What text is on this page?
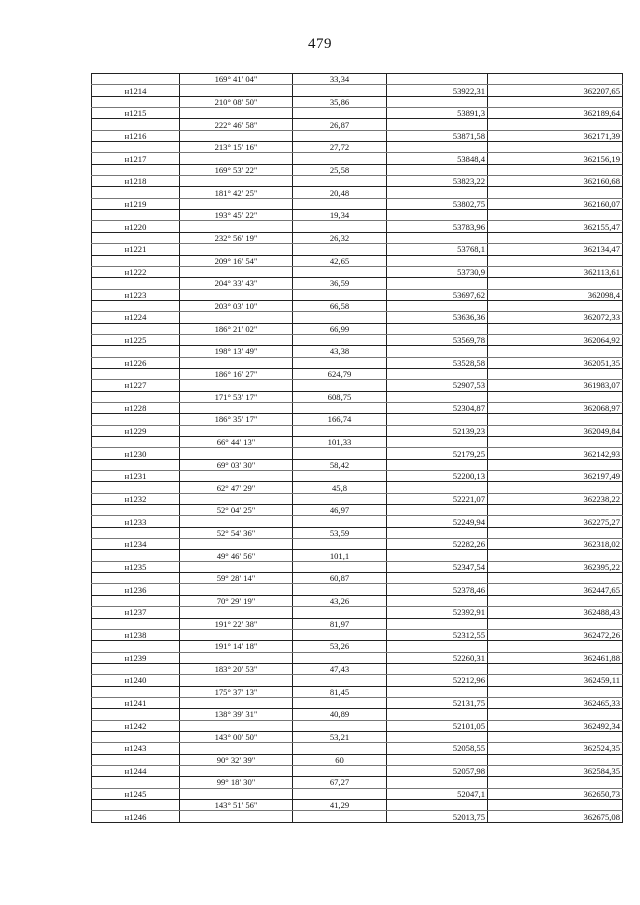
479
	169° 41' 04"	33,34		
н1214			53922,31	362207,65
	210° 08' 50"	35,86		
н1215			53891,3	362189,64
	222° 46' 58"	26,87		
н1216			53871,58	362171,39
	213° 15' 16"	27,72		
н1217			53848,4	362156,19
	169° 53' 22"	25,58		
н1218			53823,22	362160,68
	181° 42' 25"	20,48		
н1219			53802,75	362160,07
	193° 45' 22"	19,34		
н1220			53783,96	362155,47
	232° 56' 19"	26,32		
н1221			53768,1	362134,47
	209° 16' 54"	42,65		
н1222			53730,9	362113,61
	204° 33' 43"	36,59		
н1223			53697,62	362098,4
	203° 03' 10"	66,58		
н1224			53636,36	362072,33
	186° 21' 02"	66,99		
н1225			53569,78	362064,92
	198° 13' 49"	43,38		
н1226			53528,58	362051,35
	186° 16' 27"	624,79		
н1227			52907,53	361983,07
	171° 53' 17"	608,75		
н1228			52304,87	362068,97
	186° 35' 17"	166,74		
н1229			52139,23	362049,84
	66° 44' 13"	101,33		
н1230			52179,25	362142,93
	69° 03' 30"	58,42		
н1231			52200,13	362197,49
	62° 47' 29"	45,8		
н1232			52221,07	362238,22
	52° 04' 25"	46,97		
н1233			52249,94	362275,27
	52° 54' 36"	53,59		
н1234			52282,26	362318,02
	49° 46' 56"	101,1		
н1235			52347,54	362395,22
	59° 28' 14"	60,87		
н1236			52378,46	362447,65
	70° 29' 19"	43,26		
н1237			52392,91	362488,43
	191° 22' 38"	81,97		
н1238			52312,55	362472,26
	191° 14' 18"	53,26		
н1239			52260,31	362461,88
	183° 20' 53"	47,43		
н1240			52212,96	362459,11
	175° 37' 13"	81,45		
н1241			52131,75	362465,33
	138° 39' 31"	40,89		
н1242			52101,05	362492,34
	143° 00' 50"	53,21		
н1243			52058,55	362524,35
	90° 32' 39"	60		
н1244			52057,98	362584,35
	99° 18' 30"	67,27		
н1245			52047,1	362650,73
	143° 51' 56"	41,29		
н1246			52013,75	362675,08
